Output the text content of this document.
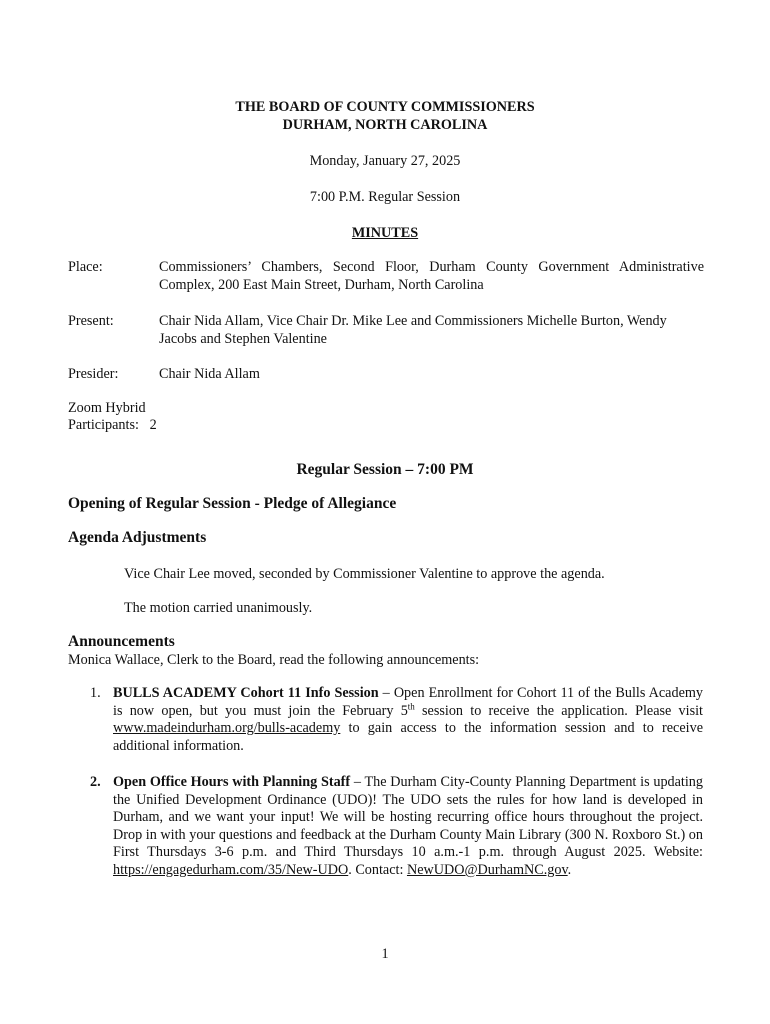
THE BOARD OF COUNTY COMMISSIONERS
DURHAM, NORTH CAROLINA
Monday, January 27, 2025
7:00 P.M. Regular Session
MINUTES
Place:	Commissioners’ Chambers, Second Floor, Durham County Government Administrative Complex, 200 East Main Street, Durham, North Carolina
Present:	Chair Nida Allam, Vice Chair Dr. Mike Lee and Commissioners Michelle Burton, Wendy Jacobs and Stephen Valentine
Presider:	Chair Nida Allam
Zoom Hybrid
Participants:   2
Regular Session – 7:00 PM
Opening of Regular Session - Pledge of Allegiance
Agenda Adjustments
Vice Chair Lee moved, seconded by Commissioner Valentine to approve the agenda.
The motion carried unanimously.
Announcements
Monica Wallace, Clerk to the Board, read the following announcements:
1. BULLS ACADEMY Cohort 11 Info Session – Open Enrollment for Cohort 11 of the Bulls Academy is now open, but you must join the February 5th session to receive the application. Please visit www.madeindurham.org/bulls-academy to gain access to the information session and to receive additional information.
2. Open Office Hours with Planning Staff – The Durham City-County Planning Department is updating the Unified Development Ordinance (UDO)! The UDO sets the rules for how land is developed in Durham, and we want your input! We will be hosting recurring office hours throughout the project. Drop in with your questions and feedback at the Durham County Main Library (300 N. Roxboro St.) on First Thursdays 3-6 p.m. and Third Thursdays 10 a.m.-1 p.m. through August 2025. Website: https://engagedurham.com/35/New-UDO. Contact: NewUDO@DurhamNC.gov.
1
